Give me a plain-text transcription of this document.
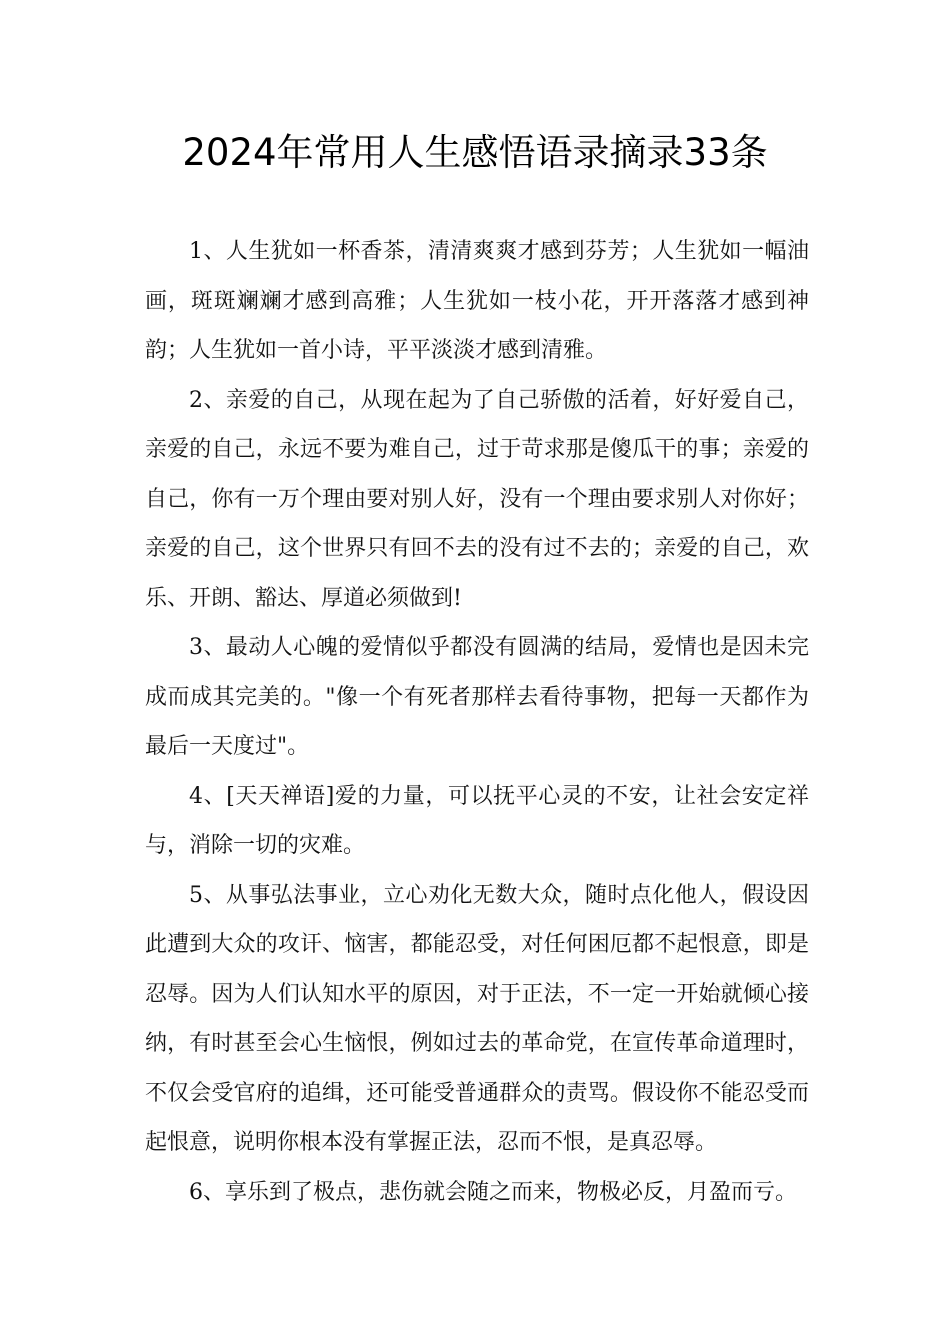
2024年常用人生感悟语录摘录33条

1、人生犹如一杯香茶，清清爽爽才感到芬芳；人生犹如一幅油画，斑斑斓斓才感到高雅；人生犹如一枝小花，开开落落才感到神韵；人生犹如一首小诗，平平淡淡才感到清雅。

2、亲爱的自己，从现在起为了自己骄傲的活着，好好爱自己，亲爱的自己，永远不要为难自己，过于苛求那是傻瓜干的事；亲爱的自己，你有一万个理由要对别人好，没有一个理由要求别人对你好；亲爱的自己，这个世界只有回不去的没有过不去的；亲爱的自己，欢乐、开朗、豁达、厚道必须做到!

3、最动人心魄的爱情似乎都没有圆满的结局，爱情也是因未完成而成其完美的。"像一个有死者那样去看待事物，把每一天都作为最后一天度过"。

4、[天天禅语]爱的力量，可以抚平心灵的不安，让社会安定祥与，消除一切的灾难。

5、从事弘法事业，立心劝化无数大众，随时点化他人，假设因此遭到大众的攻讦、恼害，都能忍受，对任何困厄都不起恨意，即是忍辱。因为人们认知水平的原因，对于正法，不一定一开始就倾心接纳，有时甚至会心生恼恨，例如过去的革命党，在宣传革命道理时，不仅会受官府的追缉，还可能受普通群众的责骂。假设你不能忍受而起恨意，说明你根本没有掌握正法，忍而不恨，是真忍辱。

6、享乐到了极点，悲伤就会随之而来，物极必反，月盈而亏。
